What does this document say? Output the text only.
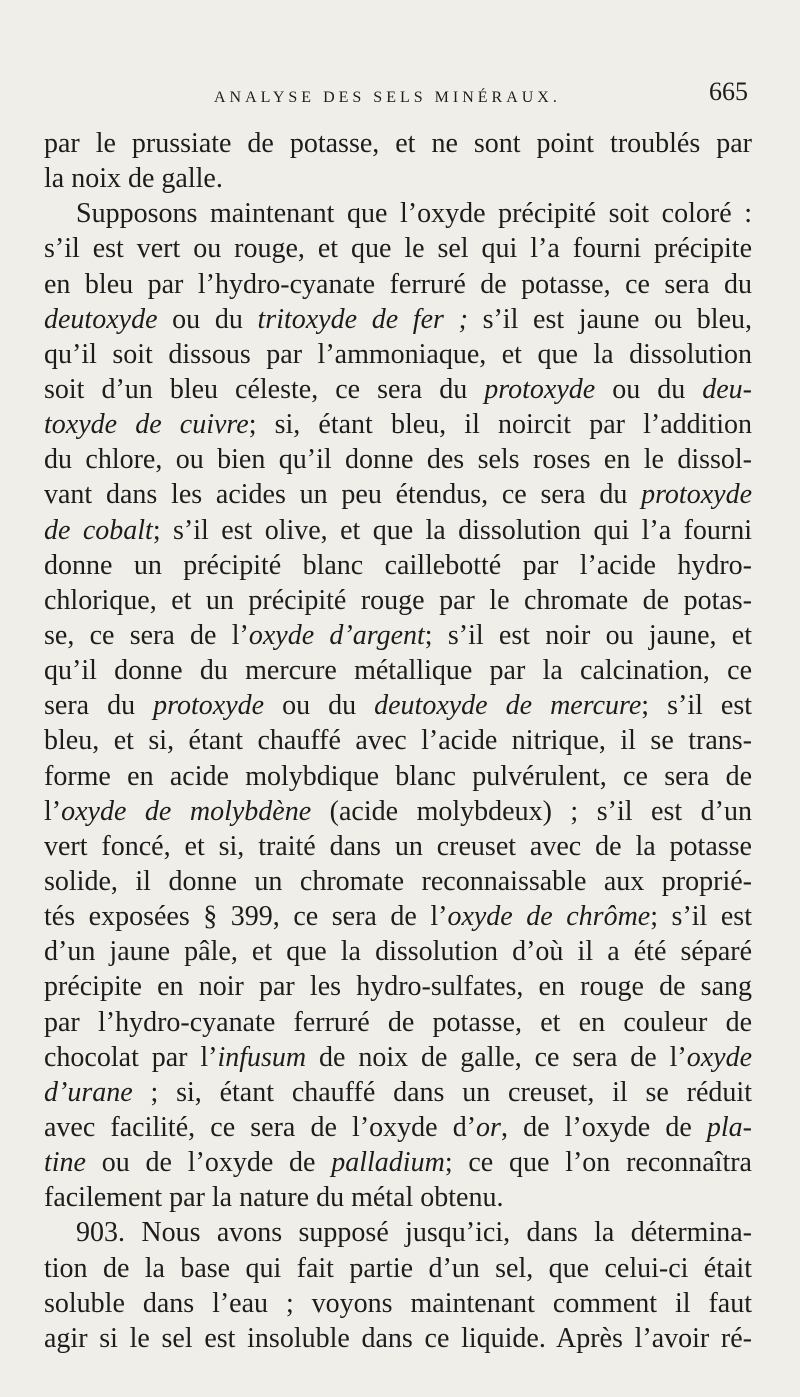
ANALYSE DES SELS MINÉRAUX.	665
par le prussiate de potasse, et ne sont point troublés par
la noix de galle.
Supposons maintenant que l’oxyde précipité soit coloré :
s’il est vert ou rouge, et que le sel qui l’a fourni précipite
en bleu par l’hydro-cyanate ferruré de potasse, ce sera du
deutoxyde ou du tritoxyde de fer ; s’il est jaune ou bleu,
qu’il soit dissous par l’ammoniaque, et que la dissolution
soit d’un bleu céleste, ce sera du protoxyde ou du deu-
toxyde de cuivre; si, étant bleu, il noircit par l’addition
du chlore, ou bien qu’il donne des sels roses en le dissol-
vant dans les acides un peu étendus, ce sera du protoxyde
de cobalt; s’il est olive, et que la dissolution qui l’a fourni
donne un précipité blanc caillebotté par l’acide hydro-
chlorique, et un précipité rouge par le chromate de potas-
se, ce sera de l’oxyde d’argent; s’il est noir ou jaune, et
qu’il donne du mercure métallique par la calcination, ce
sera du protoxyde ou du deutoxyde de mercure; s’il est
bleu, et si, étant chauffé avec l’acide nitrique, il se trans-
forme en acide molybdique blanc pulvérulent, ce sera de
l’oxyde de molybdène (acide molybdeux) ; s’il est d’un
vert foncé, et si, traité dans un creuset avec de la potasse
solide, il donne un chromate reconnaissable aux proprié-
tés exposées § 399, ce sera de l’oxyde de chrôme; s’il est
d’un jaune pâle, et que la dissolution d’où il a été séparé
précipite en noir par les hydro-sulfates, en rouge de sang
par l’hydro-cyanate ferruré de potasse, et en couleur de
chocolat par l’infusum de noix de galle, ce sera de l’oxyde
d’urane ; si, étant chauffé dans un creuset, il se réduit
avec facilité, ce sera de l’oxyde d’or, de l’oxyde de pla-
tine ou de l’oxyde de palladium; ce que l’on reconnaîtra
facilement par la nature du métal obtenu.
903. Nous avons supposé jusqu’ici, dans la détermina-
tion de la base qui fait partie d’un sel, que celui-ci était
soluble dans l’eau ; voyons maintenant comment il faut
agir si le sel est insoluble dans ce liquide. Après l’avoir ré-
